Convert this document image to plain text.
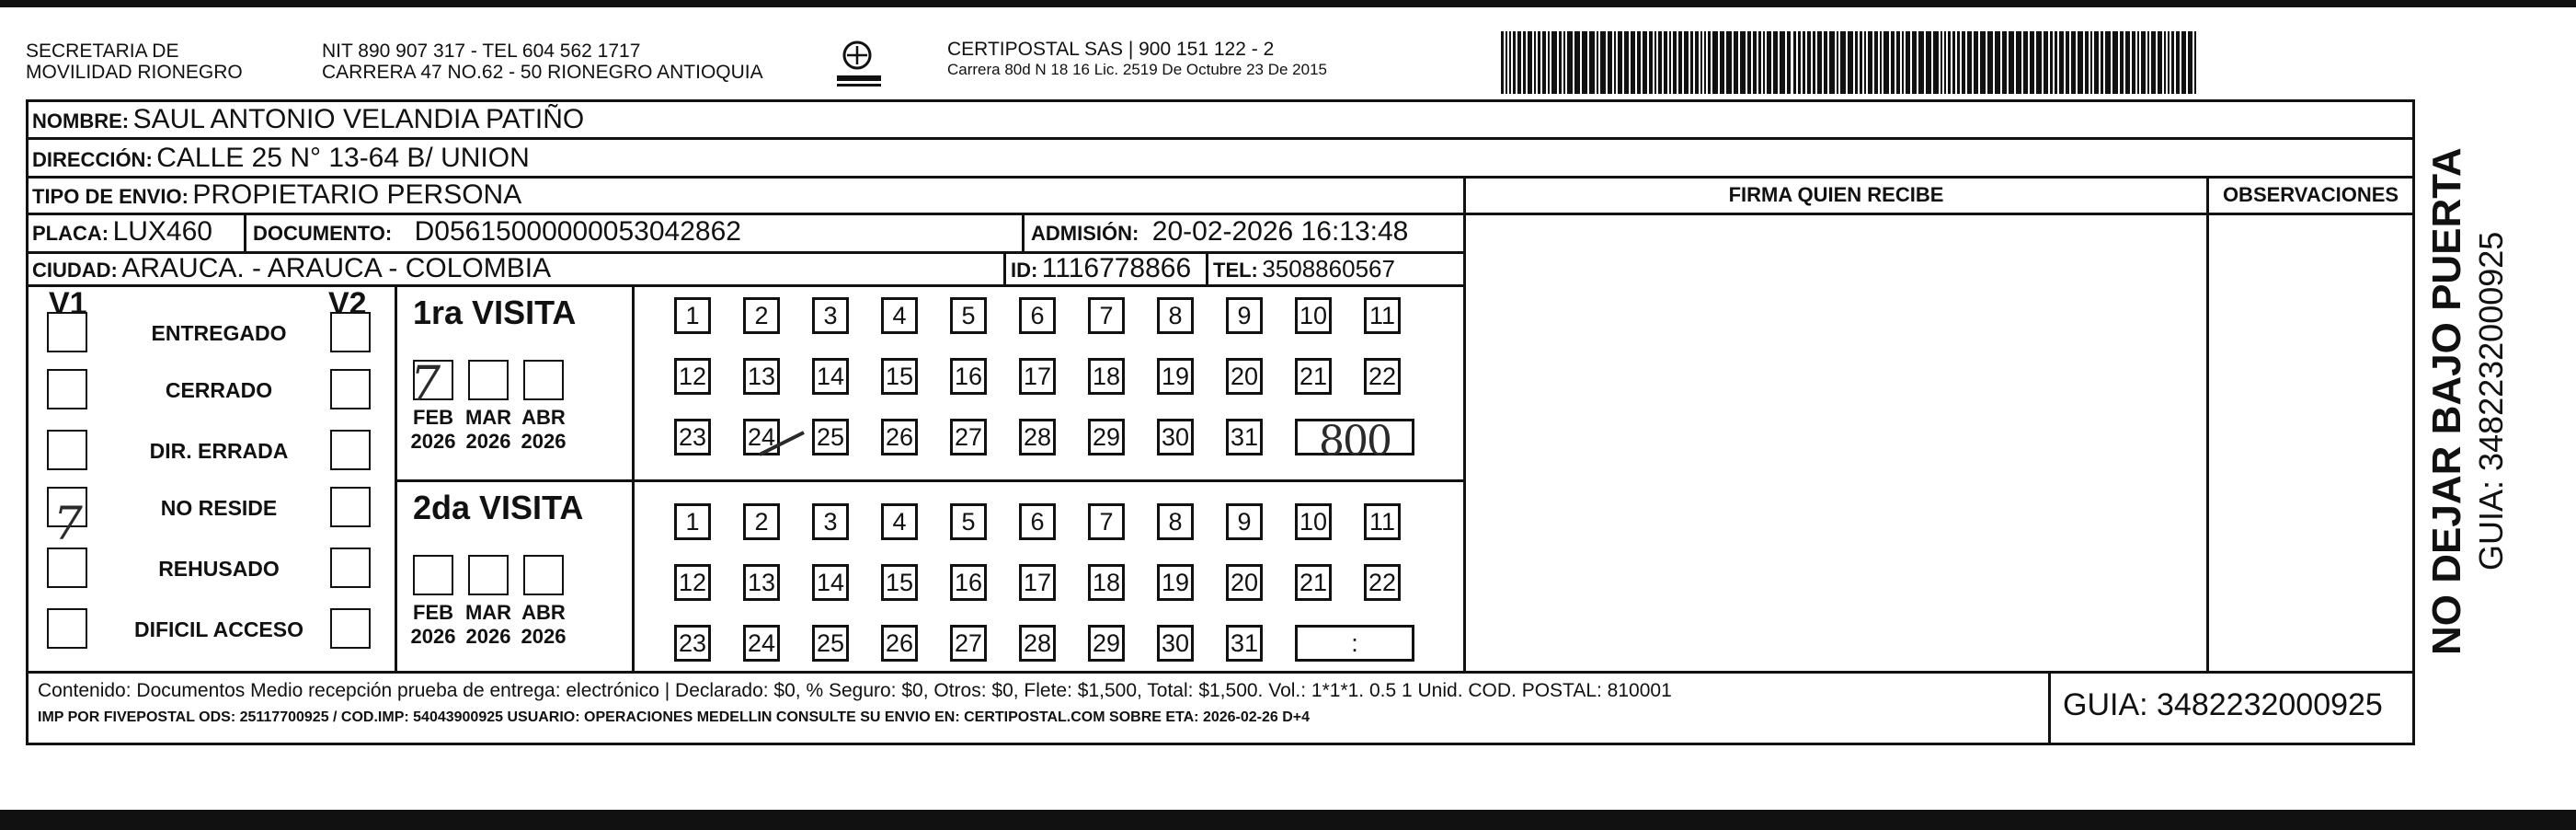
SECRETARIA DE
MOVILIDAD RIONEGRO
NIT 890 907 317 - TEL 604 562 1717
CARRERA 47 NO.62 - 50 RIONEGRO ANTIOQUIA
CERTIPOSTAL SAS | 900 151 122 - 2
Carrera 80d N 18 16 Lic. 2519 De Octubre 23 De 2015
NOMBRE: SAUL ANTONIO VELANDIA PATIÑO
DIRECCIÓN: CALLE 25 N° 13-64 B/ UNION
TIPO DE ENVIO: PROPIETARIO PERSONA	FIRMA QUIEN RECIBE	OBSERVACIONES
PLACA: LUX460 DOCUMENTO: D05615000000053042862	ADMISIÓN: 20-02-2026 16:13:48
CIUDAD: ARAUCA. - ARAUCA - COLOMBIA	ID: 1116778866 TEL: 3508860567
V1	V2
ENTREGADO
CERRADO
DIR. ERRADA
NO RESIDE
REHUSADO
DIFICIL ACCESO
1ra VISITA
2da VISITA
FEB
2026
MAR
2026
ABR
2026
FEB
2026
MAR
2026
ABR
2026
1	2	3	4	5	6	7	8	9	10 11
12 13 14 15 16 17 18 19 20 21 22
23 24 25 26 27 28 29 30 31
1	2	3	4	5	6	7	8	9	10 11
12 13 14 15 16 17 18 19 20 21 22
23 24 25 26 27 28 29 30 31	:
Contenido: Documentos Medio recepción prueba de entrega: electrónico | Declarado: $0, % Seguro: $0, Otros: $0, Flete: $1,500, Total: $1,500. Vol.: 1*1*1. 0.5 1 Unid. COD. POSTAL: 810001
IMP POR FIVEPOSTAL ODS: 25117700925 / COD.IMP: 54043900925 USUARIO: OPERACIONES MEDELLIN CONSULTE SU ENVIO EN: CERTIPOSTAL.COM SOBRE ETA: 2026-02-26 D+4	GUIA: 3482232000925
7
7
800	NO DEJAR BAJO PUERTA GUIA: 3482232000925
